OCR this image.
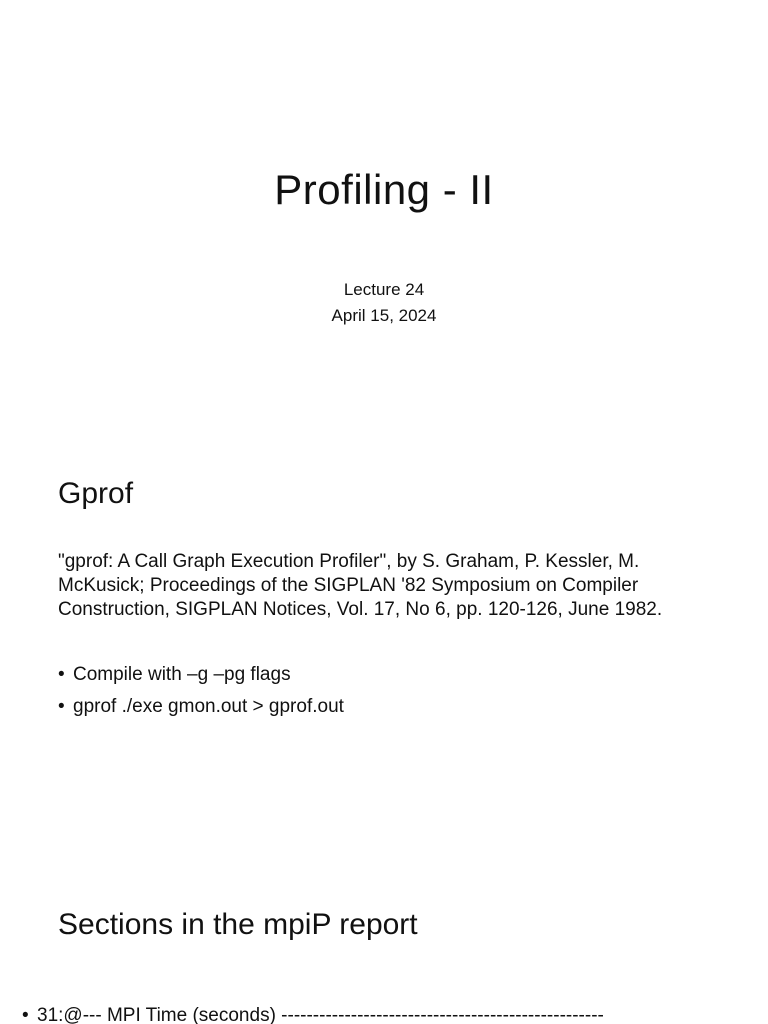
Profiling - II
Lecture 24
April 15, 2024
Gprof
"gprof: A Call Graph Execution Profiler", by S. Graham, P. Kessler, M.
McKusick; Proceedings of the SIGPLAN '82 Symposium on Compiler
Construction, SIGPLAN Notices, Vol. 17, No 6, pp. 120-126, June 1982.
• Compile with –g –pg flags
• gprof ./exe gmon.out > gprof.out
Sections in the mpiP report
• 31:@--- MPI Time (seconds) ---------------------------------------------------
